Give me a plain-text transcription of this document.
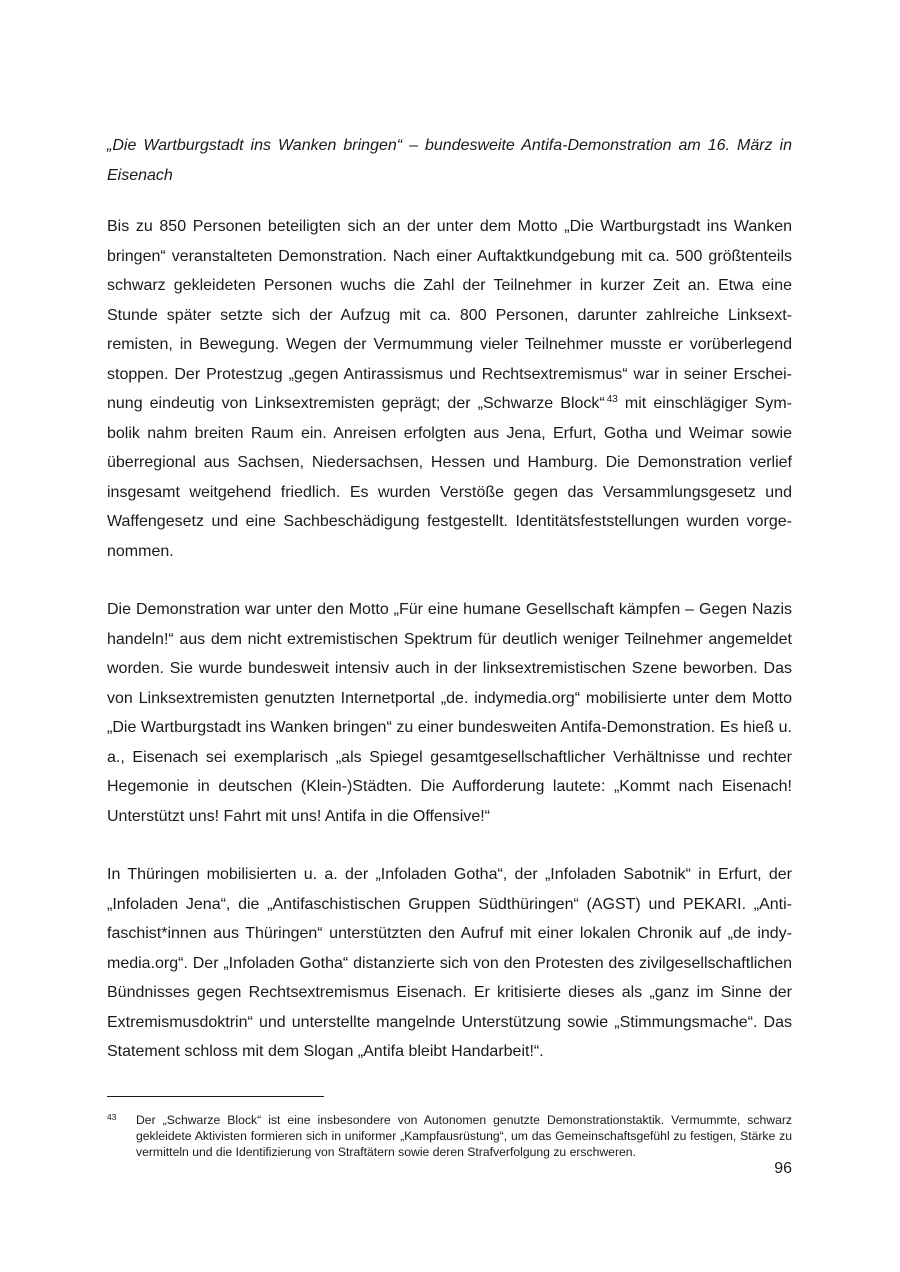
„Die Wartburgstadt ins Wanken bringen“ – bundesweite Antifa-Demonstration am 16. März in Eisenach

Bis zu 850 Personen beteiligten sich an der unter dem Motto „Die Wartburgstadt ins Wanken bringen“ veranstalteten Demonstration. Nach einer Auftaktkundgebung mit ca. 500 größtenteils schwarz gekleideten Personen wuchs die Zahl der Teilnehmer in kurzer Zeit an. Etwa eine Stunde später setzte sich der Aufzug mit ca. 800 Personen, darunter zahlreiche Linksextremisten, in Bewegung. Wegen der Vermummung vieler Teilnehmer musste er vorüberlegend stoppen. Der Protestzug „gegen Antirassismus und Rechtsextremismus“ war in seiner Erscheinung eindeutig von Linksextremisten geprägt; der „Schwarze Block“ $^{43}$ mit einschlägiger Symbolik nahm breiten Raum ein. Anreisen erfolgten aus Jena, Erfurt, Gotha und Weimar sowie überregional aus Sachsen, Niedersachsen, Hessen und Hamburg. Die Demonstration verlief insgesamt weitgehend friedlich. Es wurden Verstöße gegen das Versammlungsgesetz und Waffengesetz und eine Sachbeschädigung festgestellt. Identitätsfeststellungen wurden vorgenommen.

Die Demonstration war unter den Motto „Für eine humane Gesellschaft kämpfen – Gegen Nazis handeln!“ aus dem nicht extremistischen Spektrum für deutlich weniger Teilnehmer angemeldet worden. Sie wurde bundesweit intensiv auch in der linksextremistischen Szene beworben. Das von Linksextremisten genutzten Internetportal „de. indymedia.org“ mobilisierte unter dem Motto „Die Wartburgstadt ins Wanken bringen“ zu einer bundesweiten Antifa-Demonstration. Es hieß u. a., Eisenach sei exemplarisch „als Spiegel gesamtgesellschaftlicher Verhältnisse und rechter Hegemonie in deutschen (Klein-)Städten. Die Aufforderung lautete: „Kommt nach Eisenach! Unterstützt uns! Fahrt mit uns! Antifa in die Offensive!“

In Thüringen mobilisierten u. a. der „Infoladen Gotha“, der „Infoladen Sabotnik“ in Erfurt, der „Infoladen Jena“, die „Antifaschistischen Gruppen Südthüringen“ (AGST) und PEKARI. „Antifaschist*innen aus Thüringen“ unterstützten den Aufruf mit einer lokalen Chronik auf „de indymedia.org“. Der „Infoladen Gotha“ distanzierte sich von den Protesten des zivilgesellschaftlichen Bündnisses gegen Rechtsextremismus Eisenach. Er kritisierte dieses als „ganz im Sinne der Extremismusdoktrin“ und unterstellte mangelnde Unterstützung sowie „Stimmungsmache“. Das Statement schloss mit dem Slogan „Antifa bleibt Handarbeit!“.

43 Der „Schwarze Block“ ist eine insbesondere von Autonomen genutzte Demonstrationstaktik. Vermummte, schwarz gekleidete Aktivisten formieren sich in uniformer „Kampfausrüstung“, um das Gemeinschaftsgefühl zu festigen, Stärke zu vermitteln und die Identifizierung von Straftätern sowie deren Strafverfolgung zu erschweren.
96
